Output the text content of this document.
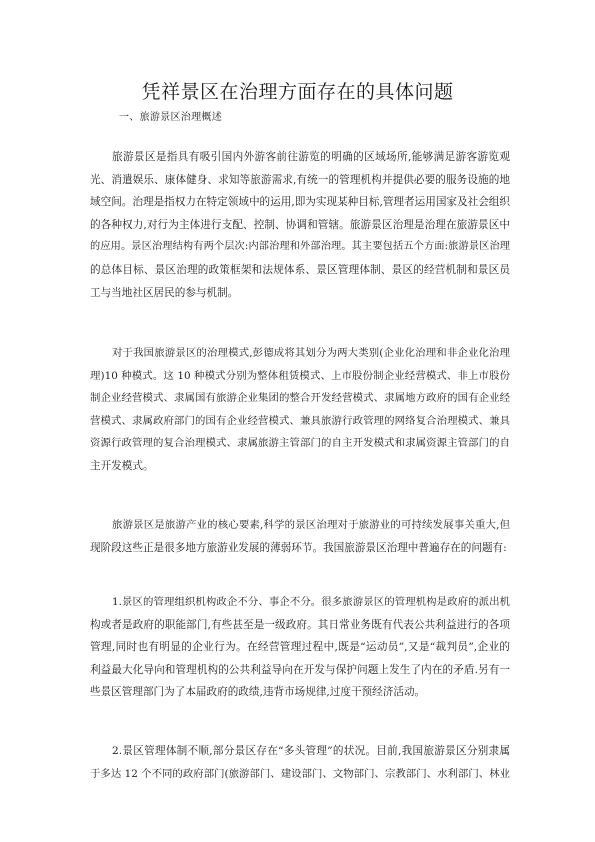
凭祥景区在治理方面存在的具体问题
一、旅游景区治理概述
旅游景区是指具有吸引国内外游客前往游览的明确的区域场所,能够满足游客游览观
光、消遣娱乐、康体健身、求知等旅游需求,有统一的管理机构并提供必要的服务设施的地
域空间。治理是指权力在特定领域中的运用,即为实现某种目标,管理者运用国家及社会组织
的各种权力,对行为主体进行支配、控制、协调和管辖。旅游景区治理是治理在旅游景区中
的应用。景区治理结构有两个层次:内部治理和外部治理。其主要包括五个方面:旅游景区治理
的总体目标、景区治理的政策框架和法规体系、景区管理体制、景区的经营机制和景区员
工与当地社区居民的参与机制。
对于我国旅游景区的治理模式,彭德成将其划分为两大类别(企业化治理和非企业化治理
理)10 种模式。这 10 种模式分别为整体租赁模式、上市股份制企业经营模式、非上市股份
制企业经营模式、隶属国有旅游企业集团的整合开发经营模式、隶属地方政府的国有企业经
营模式、隶属政府部门的国有企业经营模式、兼具旅游行政管理的网络复合治理模式、兼具
资源行政管理的复合治理模式、隶属旅游主管部门的自主开发模式和隶属资源主管部门的自
主开发模式。
旅游景区是旅游产业的核心要素,科学的景区治理对于旅游业的可持续发展事关重大,但
现阶段这些正是很多地方旅游业发展的薄弱环节。我国旅游景区治理中普遍存在的问题有:
1.景区的管理组织机构政企不分、事企不分。很多旅游景区的管理机构是政府的派出机
构或者是政府的职能部门,有些甚至是一级政府。其日常业务既有代表公共利益进行的各项
管理,同时也有明显的企业行为。在经营管理过程中,既是“运动员”,又是“裁判员”,企业的
利益最大化导向和管理机构的公共利益导向在开发与保护问题上发生了内在的矛盾.另有一
些景区管理部门为了本届政府的政绩,违背市场规律,过度干预经济活动。
2.景区管理体制不顺,部分景区存在“多头管理”的状况。目前,我国旅游景区分别隶属
于多达 12 个不同的政府部门(旅游部门、建设部门、文物部门、宗教部门、水利部门、林业
